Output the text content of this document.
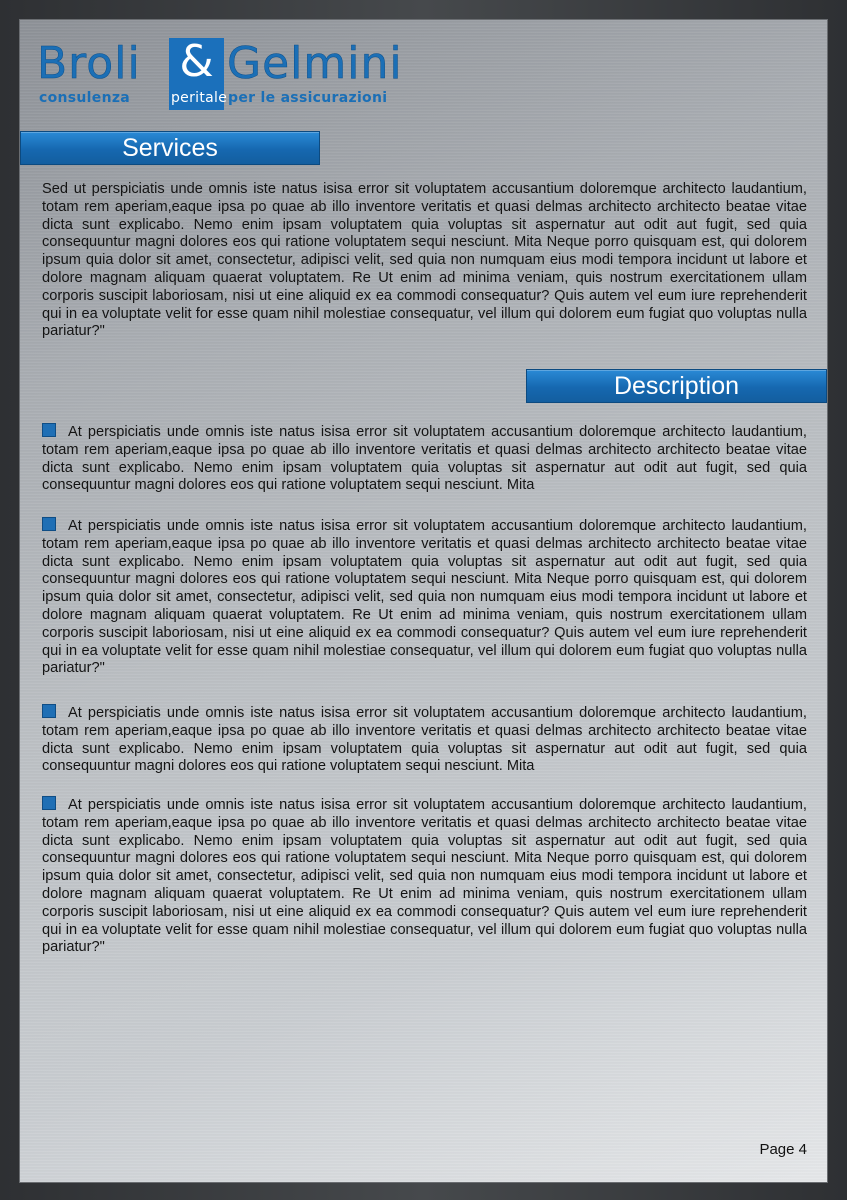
&
Broli Gelmini
consulenza	peritale per le assicurazioni
Services

Sed ut perspiciatis unde omnis iste natus isisa error sit voluptatem accusantium doloremque architecto laudantium, totam rem aperiam,eaque ipsa po quae ab illo inventore veritatis et quasi delmas architecto architecto beatae vitae dicta sunt explicabo. Nemo enim ipsam voluptatem quia voluptas sit aspernatur aut odit aut fugit, sed quia consequuntur magni dolores eos qui ratione voluptatem sequi nesciunt. Mita Neque porro quisquam est, qui dolorem ipsum quia dolor sit amet, consectetur, adipisci velit, sed quia non numquam eius modi tempora incidunt ut labore et dolore magnam aliquam quaerat voluptatem. Re Ut enim ad minima veniam, quis nostrum exercitationem ullam corporis suscipit laboriosam, nisi ut eine aliquid ex ea commodi consequatur? Quis autem vel eum iure reprehenderit qui in ea voluptate velit for esse quam nihil molestiae consequatur, vel illum qui dolorem eum fugiat quo voluptas nulla pariatur?"

Description

At perspiciatis unde omnis iste natus isisa error sit voluptatem accusantium doloremque architecto laudantium, totam rem aperiam,eaque ipsa po quae ab illo inventore veritatis et quasi delmas architecto architecto beatae vitae dicta sunt explicabo. Nemo enim ipsam voluptatem quia voluptas sit aspernatur aut odit aut fugit, sed quia consequuntur magni dolores eos qui ratione voluptatem sequi nesciunt. Mita

At perspiciatis unde omnis iste natus isisa error sit voluptatem accusantium doloremque architecto laudantium, totam rem aperiam,eaque ipsa po quae ab illo inventore veritatis et quasi delmas architecto architecto beatae vitae dicta sunt explicabo. Nemo enim ipsam voluptatem quia voluptas sit aspernatur aut odit aut fugit, sed quia consequuntur magni dolores eos qui ratione voluptatem sequi nesciunt. Mita Neque porro quisquam est, qui dolorem ipsum quia dolor sit amet, consectetur, adipisci velit, sed quia non numquam eius modi tempora incidunt ut labore et dolore magnam aliquam quaerat voluptatem. Re Ut enim ad minima veniam, quis nostrum exercitationem ullam corporis suscipit laboriosam, nisi ut eine aliquid ex ea commodi consequatur? Quis autem vel eum iure reprehenderit qui in ea voluptate velit for esse quam nihil molestiae consequatur, vel illum qui dolorem eum fugiat quo voluptas nulla pariatur?"

At perspiciatis unde omnis iste natus isisa error sit voluptatem accusantium doloremque architecto laudantium, totam rem aperiam,eaque ipsa po quae ab illo inventore veritatis et quasi delmas architecto architecto beatae vitae dicta sunt explicabo. Nemo enim ipsam voluptatem quia voluptas sit aspernatur aut odit aut fugit, sed quia consequuntur magni dolores eos qui ratione voluptatem sequi nesciunt. Mita

At perspiciatis unde omnis iste natus isisa error sit voluptatem accusantium doloremque architecto laudantium, totam rem aperiam,eaque ipsa po quae ab illo inventore veritatis et quasi delmas architecto architecto beatae vitae dicta sunt explicabo. Nemo enim ipsam voluptatem quia voluptas sit aspernatur aut odit aut fugit, sed quia consequuntur magni dolores eos qui ratione voluptatem sequi nesciunt. Mita Neque porro quisquam est, qui dolorem ipsum quia dolor sit amet, consectetur, adipisci velit, sed quia non numquam eius modi tempora incidunt ut labore et dolore magnam aliquam quaerat voluptatem. Re Ut enim ad minima veniam, quis nostrum exercitationem ullam corporis suscipit laboriosam, nisi ut eine aliquid ex ea commodi consequatur? Quis autem vel eum iure reprehenderit qui in ea voluptate velit for esse quam nihil molestiae consequatur, vel illum qui dolorem eum fugiat quo voluptas nulla pariatur?"

Page 4
